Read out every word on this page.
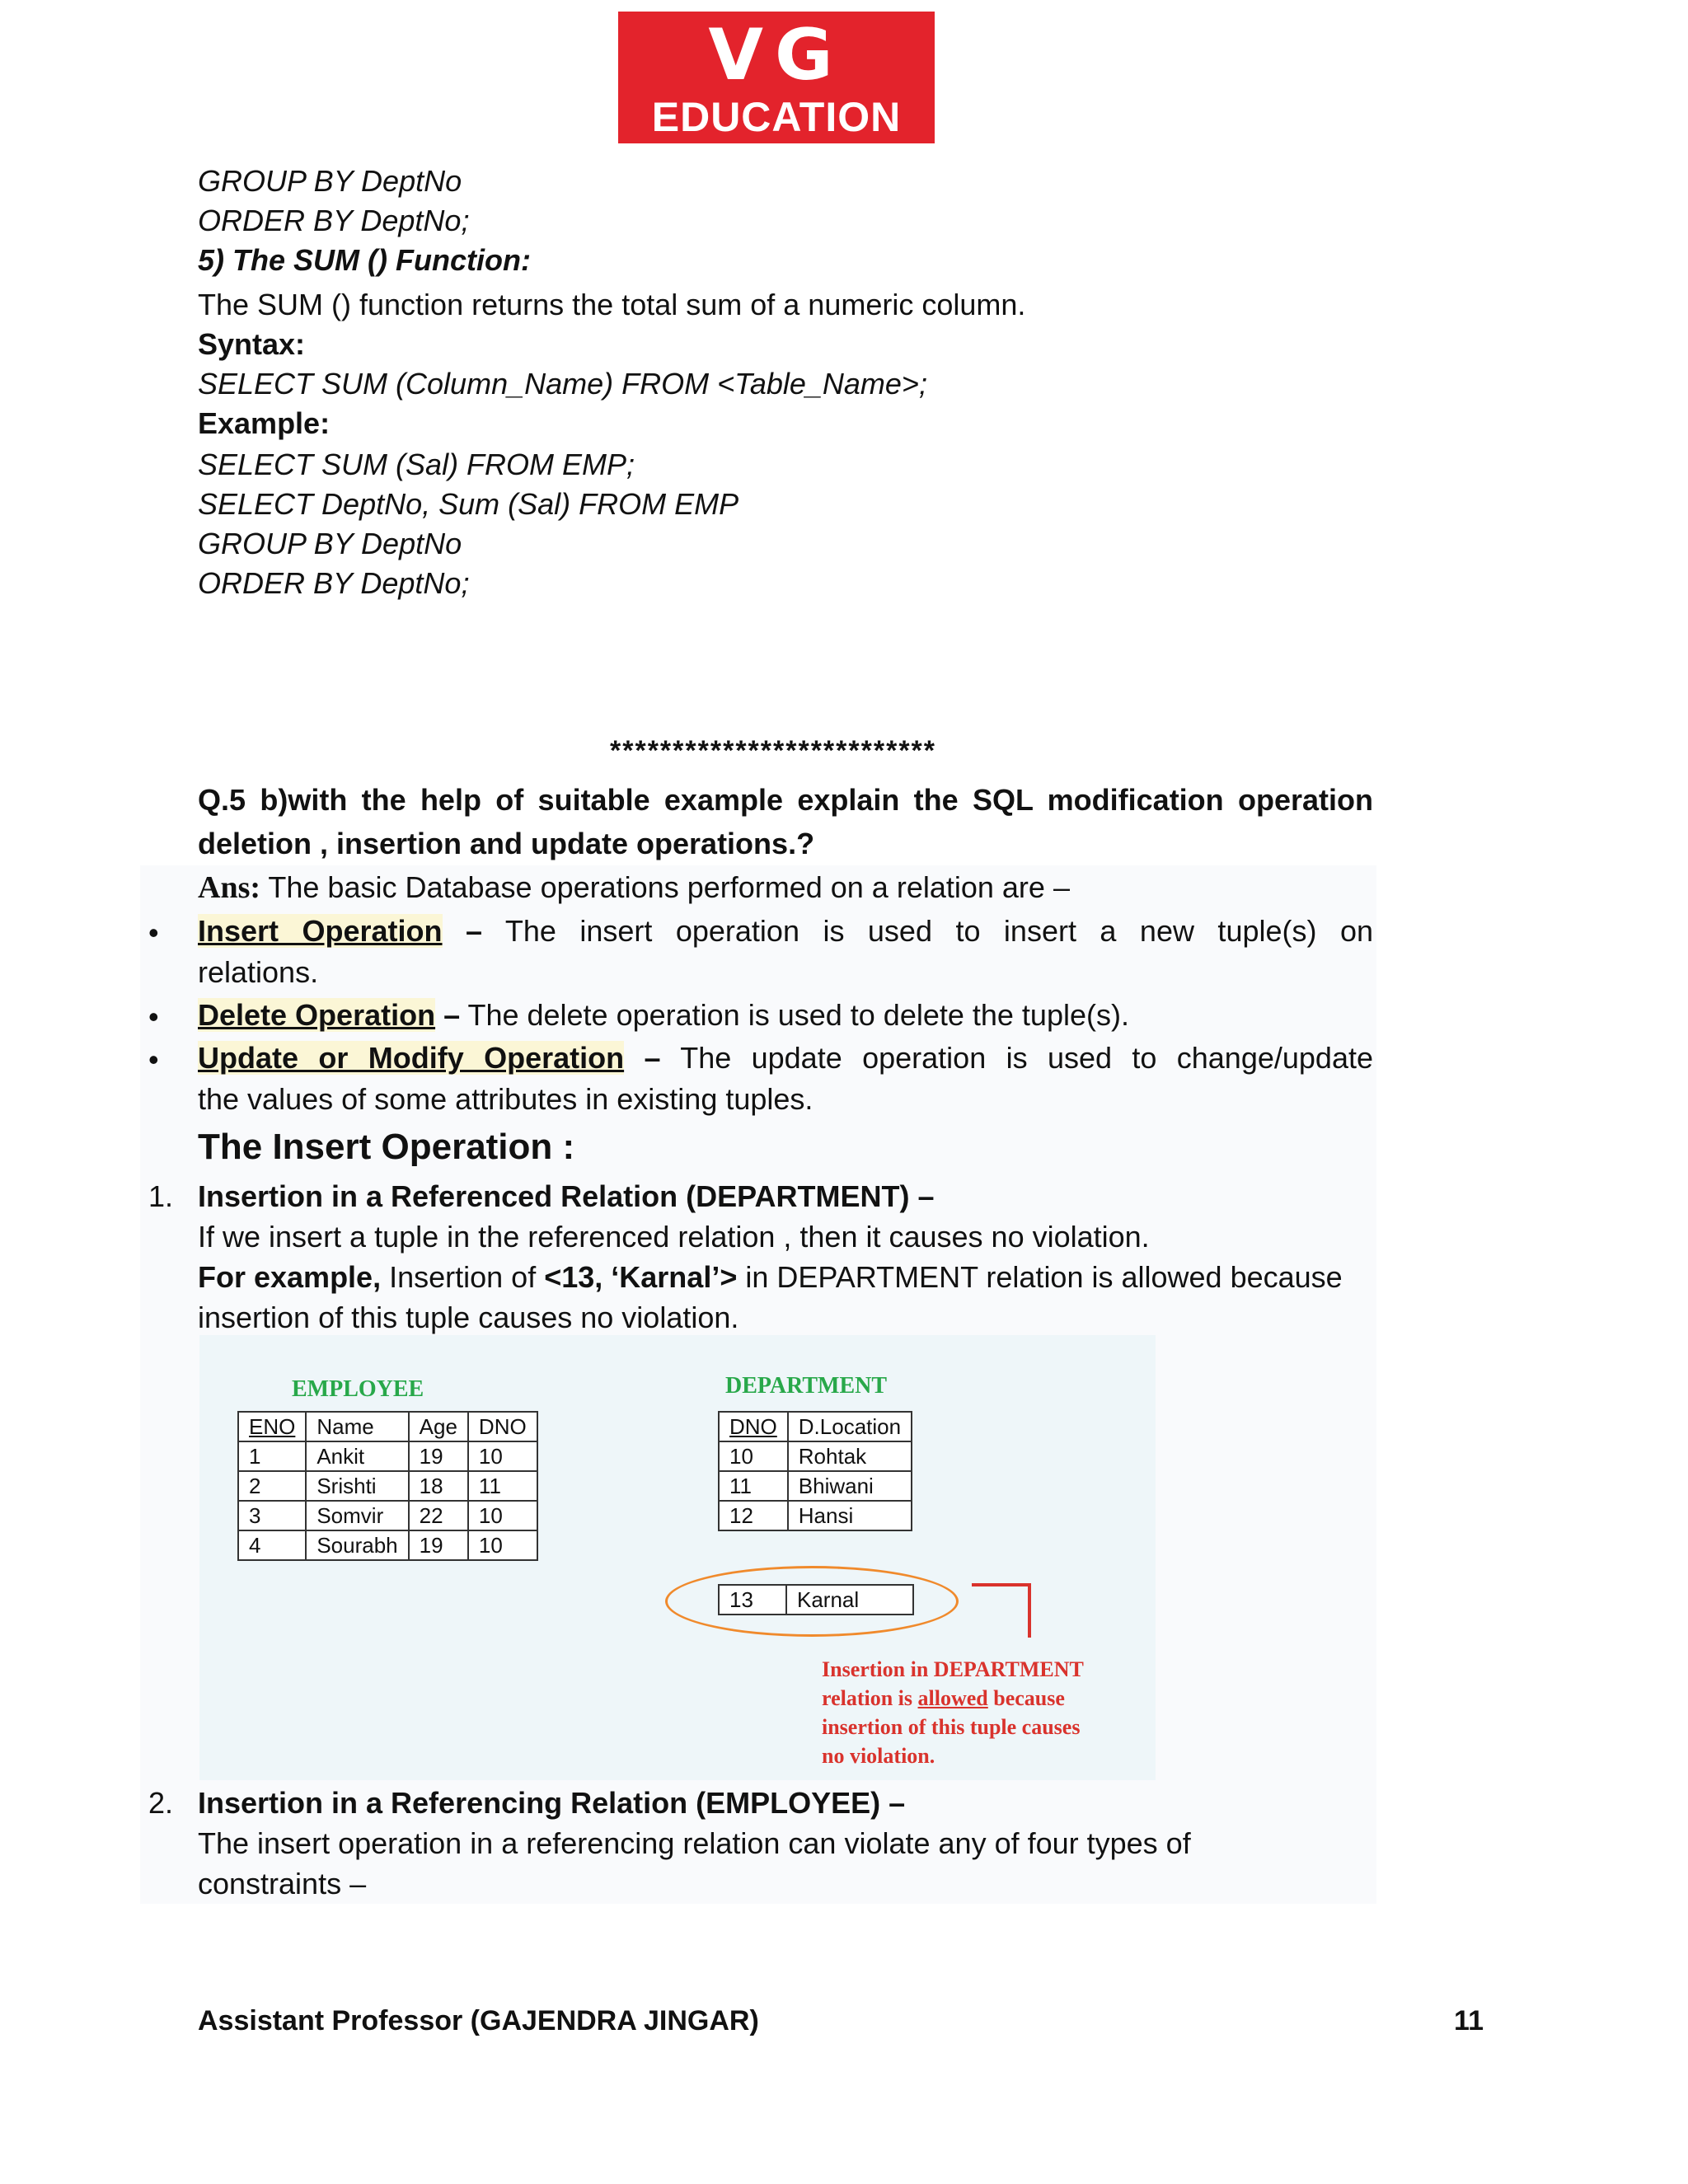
VG
EDUCATION
GROUP BY DeptNo
ORDER BY DeptNo;
5) The SUM () Function:
The SUM () function returns the total sum of a numeric column.
Syntax:
SELECT SUM (Column_Name) FROM <Table_Name>;
Example:
SELECT SUM (Sal) FROM EMP;
SELECT DeptNo, Sum (Sal) FROM EMP
GROUP BY DeptNo
ORDER BY DeptNo;
**************************
Q.5 b)with the help of suitable example explain the SQL modification operation
deletion , insertion and update operations.?
Ans: The basic Database operations performed on a relation are –
• Insert Operation – The insert operation is used to insert a new tuple(s) on
relations.
• Delete Operation – The delete operation is used to delete the tuple(s).
• Update or Modify Operation – The update operation is used to change/update
the values of some attributes in existing tuples.
The Insert Operation :
1. Insertion in a Referenced Relation (DEPARTMENT) –
If we insert a tuple in the referenced relation , then it causes no violation.
For example, Insertion of <13, ‘Karnal’> in DEPARTMENT relation is allowed because
insertion of this tuple causes no violation.
EMPLOYEE
ENO	Name	Age	DNO
1	Ankit	19	10
2	Srishti	18	11
3	Somvir	22	10
4	Sourabh	19	10
DEPARTMENT
DNO	D.Location
10	Rohtak
11	Bhiwani
12	Hansi
13	Karnal
Insertion in DEPARTMENT
relation is allowed because
insertion of this tuple causes
no violation.
2. Insertion in a Referencing Relation (EMPLOYEE) –
The insert operation in a referencing relation can violate any of four types of
constraints –
Assistant Professor (GAJENDRA JINGAR)	11
